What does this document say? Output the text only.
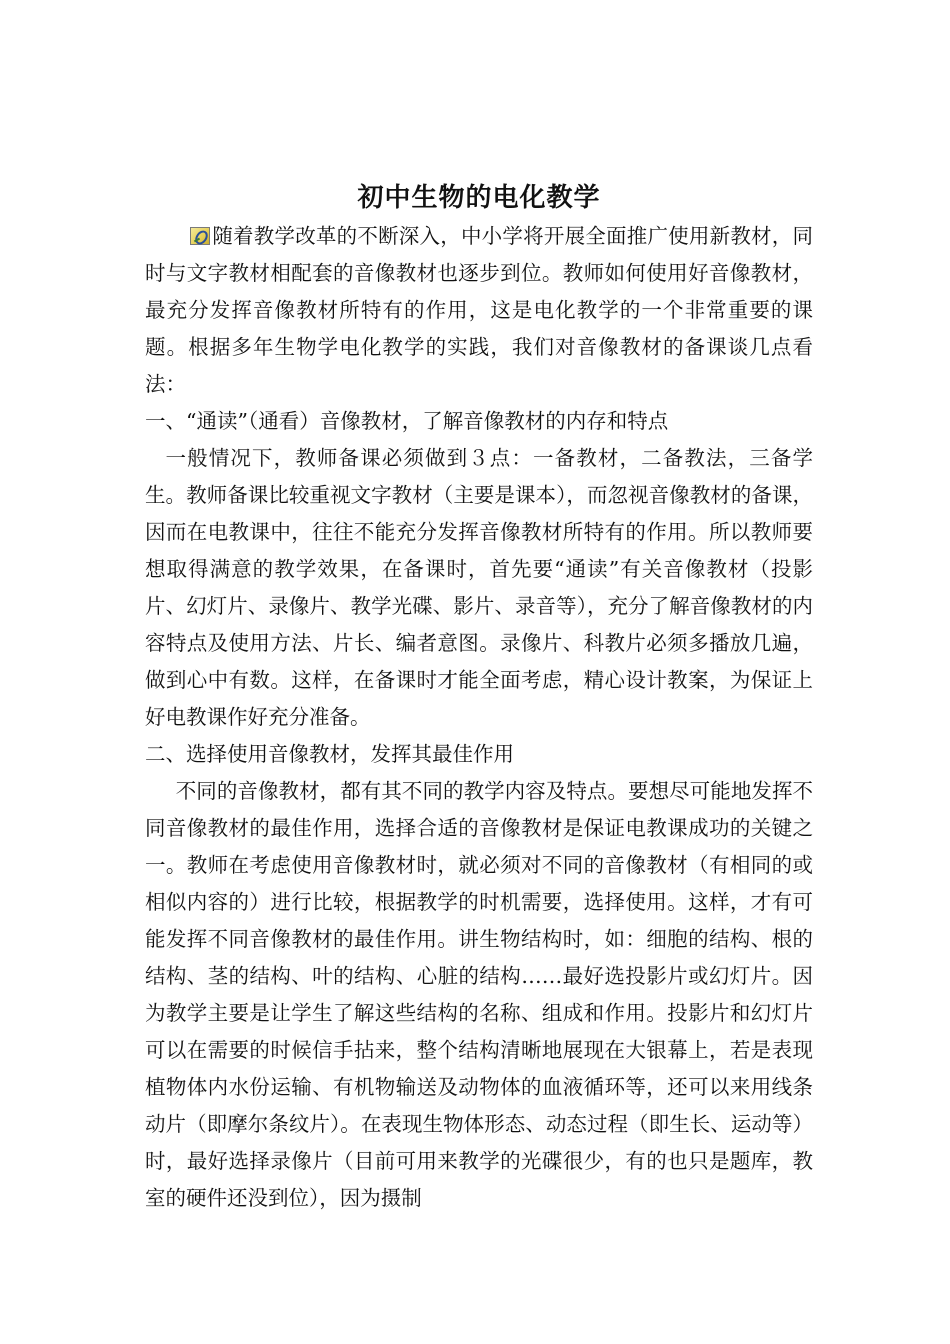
初中生物的电化教学

随着教学改革的不断深入，中小学将开展全面推广使用新教材，同时与文字教材相配套的音像教材也逐步到位。教师如何使用好音像教材，最充分发挥音像教材所特有的作用，这是电化教学的一个非常重要的课题。根据多年生物学电化教学的实践，我们对音像教材的备课谈几点看法：

一、“通读”（通看）音像教材，了解音像教材的内存和特点

一般情况下，教师备课必须做到３点：一备教材，二备教法，三备学生。教师备课比较重视文字教材（主要是课本），而忽视音像教材的备课，因而在电教课中，往往不能充分发挥音像教材所特有的作用。所以教师要想取得满意的教学效果，在备课时，首先要“通读”有关音像教材（投影片、幻灯片、录像片、教学光碟、影片、录音等），充分了解音像教材的内容特点及使用方法、片长、编者意图。录像片、科教片必须多播放几遍，做到心中有数。这样，在备课时才能全面考虑，精心设计教案，为保证上好电教课作好充分准备。

二、选择使用音像教材，发挥其最佳作用

不同的音像教材，都有其不同的教学内容及特点。要想尽可能地发挥不同音像教材的最佳作用，选择合适的音像教材是保证电教课成功的关键之一。教师在考虑使用音像教材时，就必须对不同的音像教材（有相同的或相似内容的）进行比较，根据教学的时机需要，选择使用。这样，才有可能发挥不同音像教材的最佳作用。讲生物结构时，如：细胞的结构、根的结构、茎的结构、叶的结构、心脏的结构……最好选投影片或幻灯片。因为教学主要是让学生了解这些结构的名称、组成和作用。投影片和幻灯片可以在需要的时候信手拈来，整个结构清晰地展现在大银幕上，若是表现植物体内水份运输、有机物输送及动物体的血液循环等，还可以来用线条动片（即摩尔条纹片）。在表现生物体形态、动态过程（即生长、运动等）时，最好选择录像片（目前可用来教学的光碟很少，有的也只是题库，教室的硬件还没到位），因为摄制
